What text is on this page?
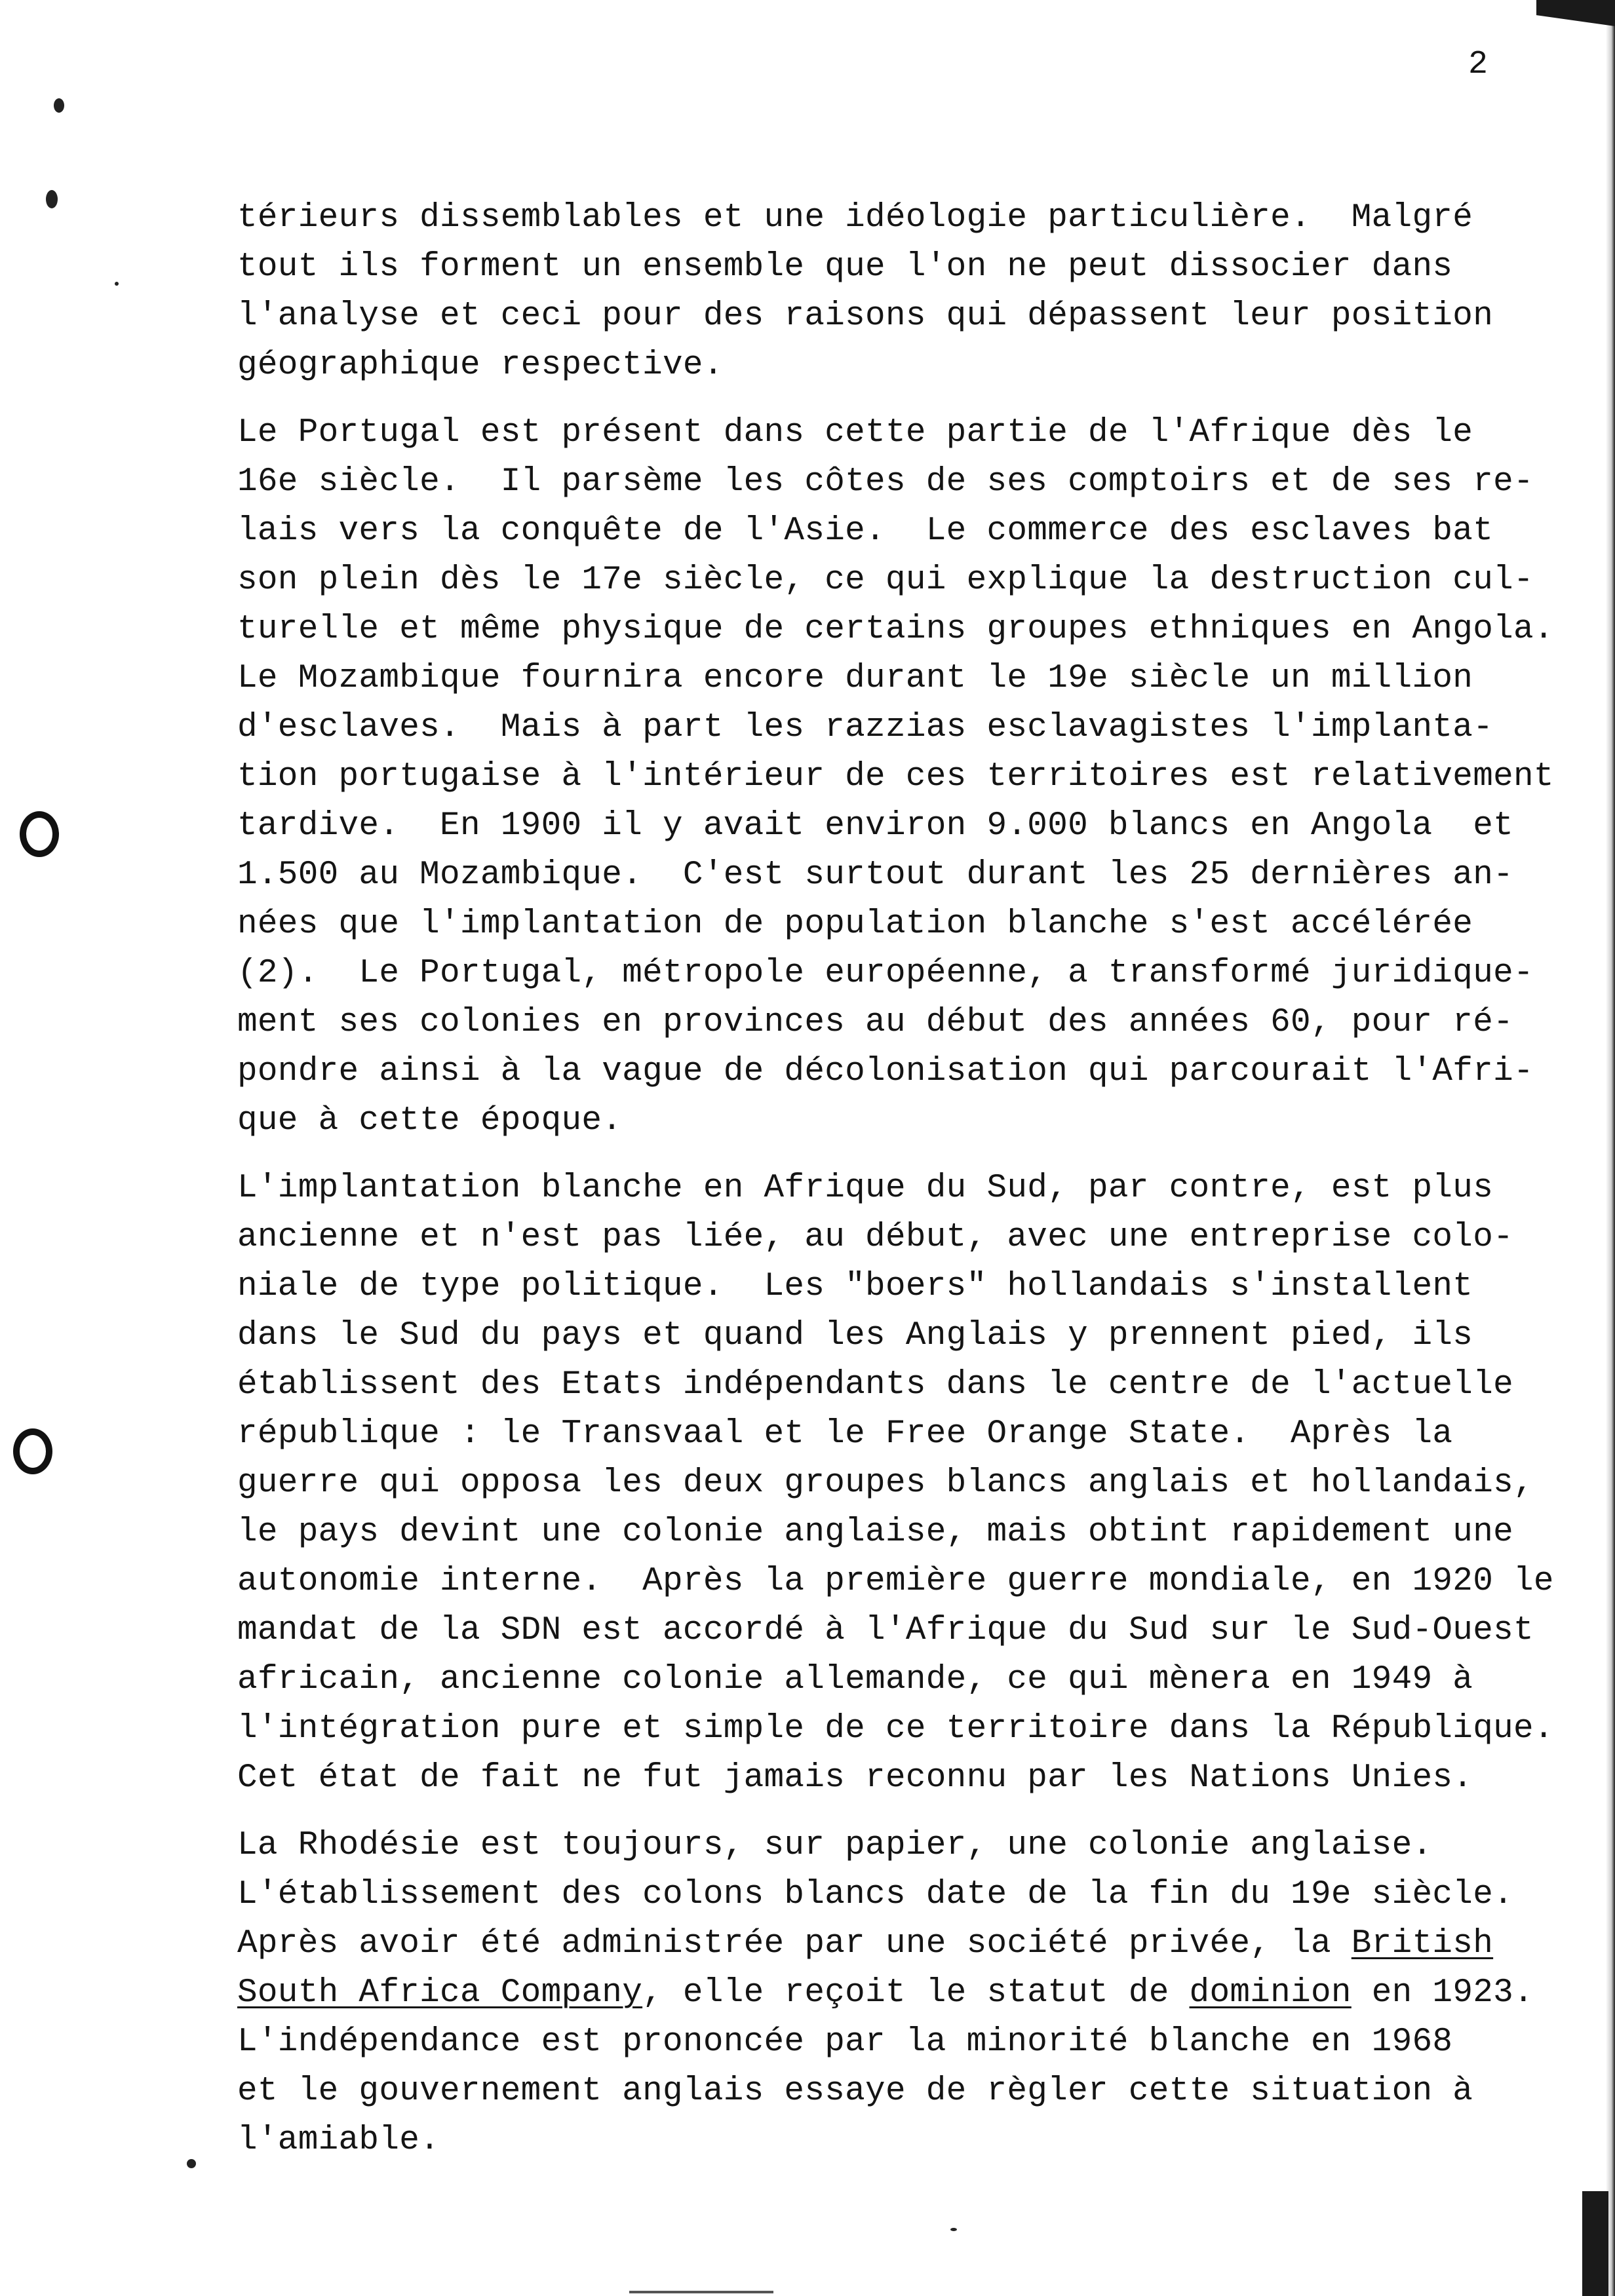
2
térieurs dissemblables et une idéologie particulière.  Malgré
tout ils forment un ensemble que l'on ne peut dissocier dans
l'analyse et ceci pour des raisons qui dépassent leur position
géographique respective.
Le Portugal est présent dans cette partie de l'Afrique dès le
16e siècle.  Il parsème les côtes de ses comptoirs et de ses re-
lais vers la conquête de l'Asie.  Le commerce des esclaves bat
son plein dès le 17e siècle, ce qui explique la destruction cul-
turelle et même physique de certains groupes ethniques en Angola.
Le Mozambique fournira encore durant le 19e siècle un million
d'esclaves.  Mais à part les razzias esclavagistes l'implanta-
tion portugaise à l'intérieur de ces territoires est relativement
tardive.  En 1900 il y avait environ 9.000 blancs en Angola  et
1.500 au Mozambique.  C'est surtout durant les 25 dernières an-
nées que l'implantation de population blanche s'est accélérée
(2).  Le Portugal, métropole européenne, a transformé juridique-
ment ses colonies en provinces au début des années 60, pour ré-
pondre ainsi à la vague de décolonisation qui parcourait l'Afri-
que à cette époque.
L'implantation blanche en Afrique du Sud, par contre, est plus
ancienne et n'est pas liée, au début, avec une entreprise colo-
niale de type politique.  Les "boers" hollandais s'installent
dans le Sud du pays et quand les Anglais y prennent pied, ils
établissent des Etats indépendants dans le centre de l'actuelle
république : le Transvaal et le Free Orange State.  Après la
guerre qui opposa les deux groupes blancs anglais et hollandais,
le pays devint une colonie anglaise, mais obtint rapidement une
autonomie interne.  Après la première guerre mondiale, en 1920 le
mandat de la SDN est accordé à l'Afrique du Sud sur le Sud-Ouest
africain, ancienne colonie allemande, ce qui mènera en 1949 à
l'intégration pure et simple de ce territoire dans la République.
Cet état de fait ne fut jamais reconnu par les Nations Unies.
La Rhodésie est toujours, sur papier, une colonie anglaise.
L'établissement des colons blancs date de la fin du 19e siècle.
Après avoir été administrée par une société privée, la British
South Africa Company, elle reçoit le statut de dominion en 1923.
L'indépendance est prononcée par la minorité blanche en 1968
et le gouvernement anglais essaye de règler cette situation à
l'amiable.
